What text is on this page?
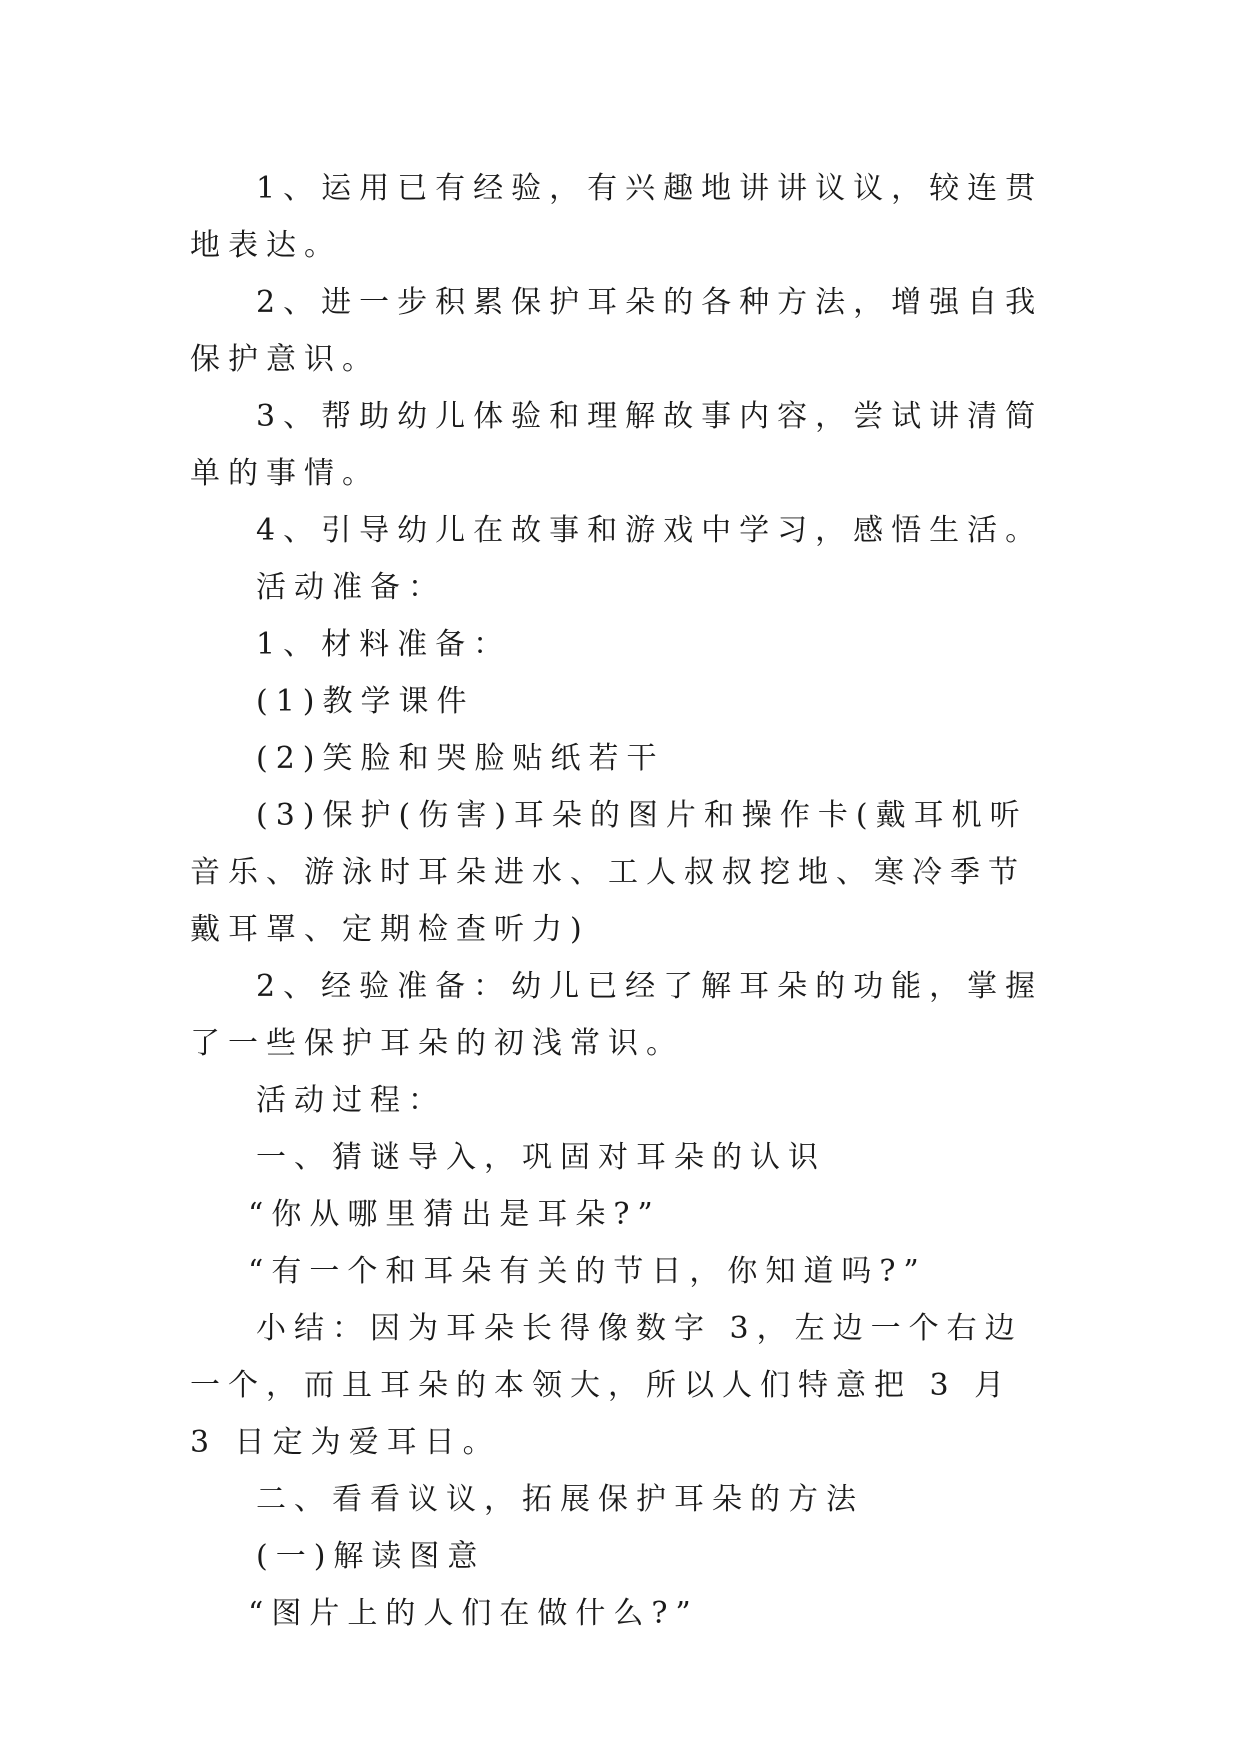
1、运用已有经验，有兴趣地讲讲议议，较连贯地表达。

2、进一步积累保护耳朵的各种方法，增强自我保护意识。

3、帮助幼儿体验和理解故事内容，尝试讲清简单的事情。

4、引导幼儿在故事和游戏中学习，感悟生活。

活动准备：

1、材料准备：

(1)教学课件

(2)笑脸和哭脸贴纸若干

(3)保护(伤害)耳朵的图片和操作卡(戴耳机听音乐、游泳时耳朵进水、工人叔叔挖地、寒冷季节戴耳罩、定期检查听力)

2、经验准备：幼儿已经了解耳朵的功能，掌握了一些保护耳朵的初浅常识。

活动过程：

一、猜谜导入，巩固对耳朵的认识

“你从哪里猜出是耳朵?”

“有一个和耳朵有关的节日，你知道吗?”

小结：因为耳朵长得像数字 3，左边一个右边一个，而且耳朵的本领大，所以人们特意把 3 月 3 日定为爱耳日。

二、看看议议，拓展保护耳朵的方法

(一)解读图意

“图片上的人们在做什么?”
